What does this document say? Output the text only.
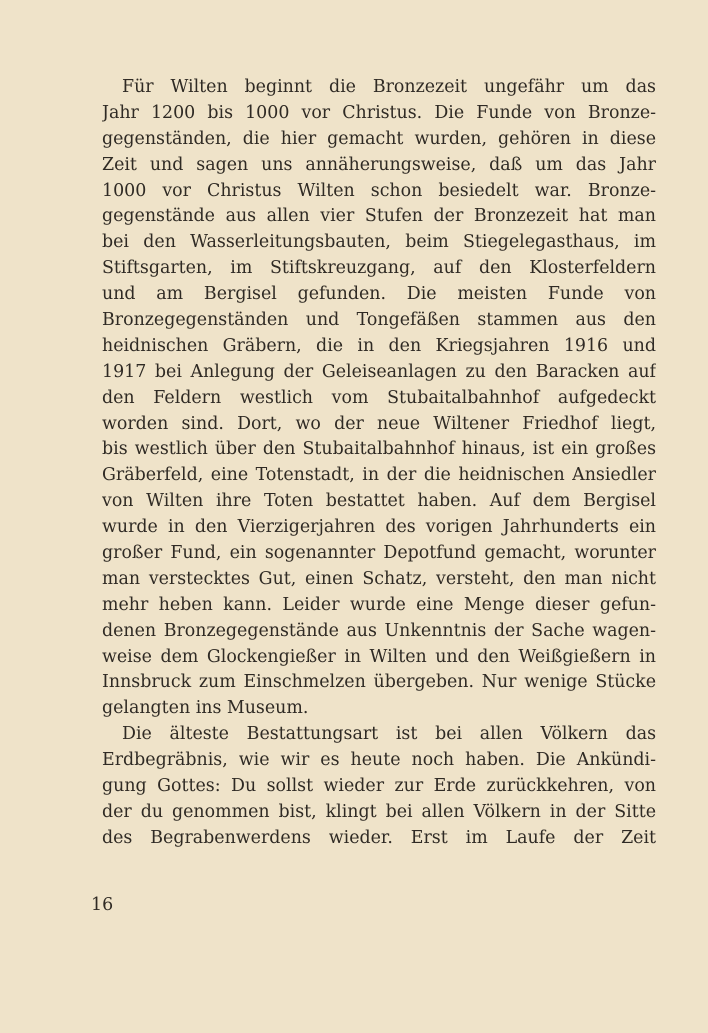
Für Wilten beginnt die Bronzezeit ungefähr um das
Jahr 1200 bis 1000 vor Christus. Die Funde von Bronze-
gegenständen, die hier gemacht wurden, gehören in diese
Zeit und sagen uns annäherungsweise, daß um das Jahr
1000 vor Christus Wilten schon besiedelt war. Bronze-
gegenstände aus allen vier Stufen der Bronzezeit hat man
bei den Wasserleitungsbauten, beim Stiegelegasthaus, im
Stiftsgarten, im Stiftskreuzgang, auf den Klosterfeldern
und am Bergisel gefunden. Die meisten Funde von
Bronzegegenständen und Tongefäßen stammen aus den
heidnischen Gräbern, die in den Kriegsjahren 1916 und
1917 bei Anlegung der Geleiseanlagen zu den Baracken auf
den Feldern westlich vom Stubaitalbahnhof aufgedeckt
worden sind. Dort, wo der neue Wiltener Friedhof liegt,
bis westlich über den Stubaitalbahnhof hinaus, ist ein großes
Gräberfeld, eine Totenstadt, in der die heidnischen Ansiedler
von Wilten ihre Toten bestattet haben. Auf dem Bergisel
wurde in den Vierzigerjahren des vorigen Jahrhunderts ein
großer Fund, ein sogenannter Depotfund gemacht, worunter
man verstecktes Gut, einen Schatz, versteht, den man nicht
mehr heben kann. Leider wurde eine Menge dieser gefun-
denen Bronzegegenstände aus Unkenntnis der Sache wagen-
weise dem Glockengießer in Wilten und den Weißgießern in
Innsbruck zum Einschmelzen übergeben. Nur wenige Stücke
gelangten ins Museum.
Die älteste Bestattungsart ist bei allen Völkern das
Erdbegräbnis, wie wir es heute noch haben. Die Ankündi-
gung Gottes: Du sollst wieder zur Erde zurückkehren, von
der du genommen bist, klingt bei allen Völkern in der Sitte
des Begrabenwerdens wieder. Erst im Laufe der Zeit
16
